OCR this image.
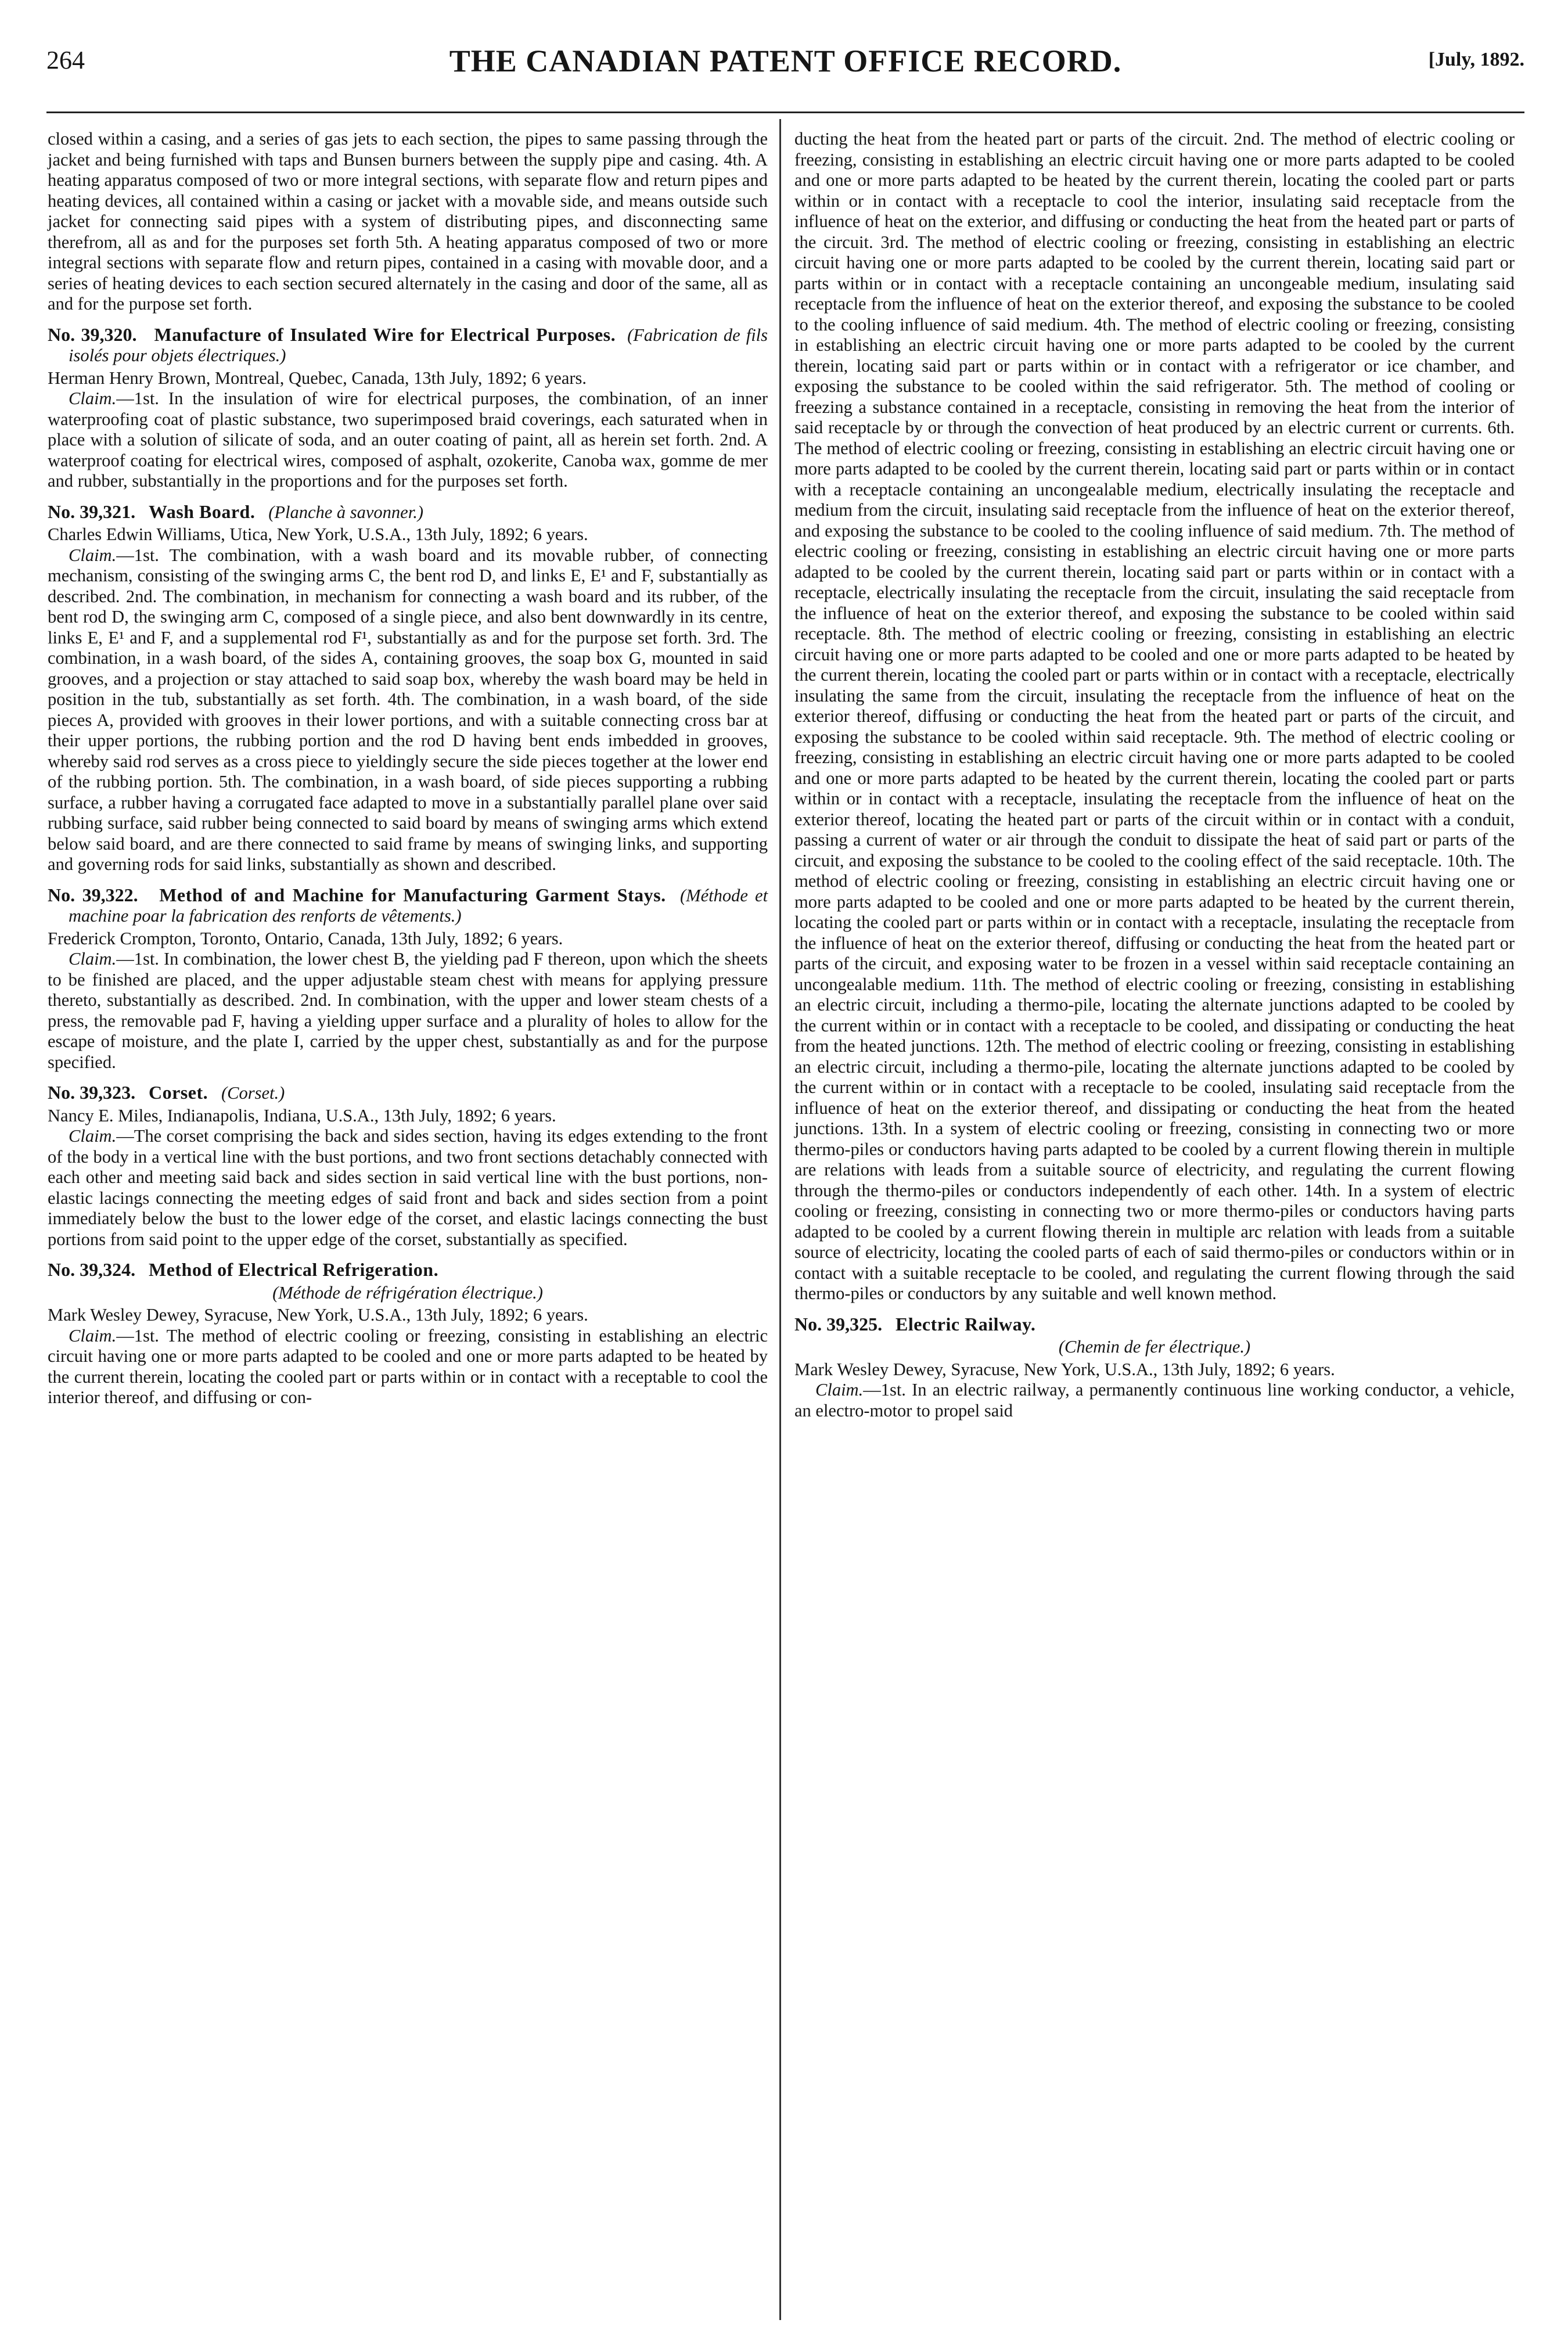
264	THE CANADIAN PATENT OFFICE RECORD.	[July, 1892.

closed within a casing, and a series of gas jets to each section, the pipes to same passing through the jacket and being furnished with taps and Bunsen burners between the supply pipe and casing. 4th. A heating apparatus composed of two or more integral sections, with separate flow and return pipes and heating devices, all contained within a casing or jacket with a movable side, and means outside such jacket for connecting said pipes with a system of distributing pipes, and disconnecting same therefrom, all as and for the purposes set forth 5th. A heating apparatus composed of two or more integral sections with separate flow and return pipes, contained in a casing with movable door, and a series of heating devices to each section secured alternately in the casing and door of the same, all as and for the purpose set forth.

No. 39,320. Manufacture of Insulated Wire for Electrical Purposes. (Fabrication de fils isolés pour objets électriques.)

Herman Henry Brown, Montreal, Quebec, Canada, 13th July, 1892; 6 years.

Claim.—1st. In the insulation of wire for electrical purposes, the combination, of an inner waterproofing coat of plastic substance, two superimposed braid coverings, each saturated when in place with a solution of silicate of soda, and an outer coating of paint, all as herein set forth. 2nd. A waterproof coating for electrical wires, composed of asphalt, ozokerite, Canoba wax, gomme de mer and rubber, substantially in the proportions and for the purposes set forth.

No. 39,321. Wash Board. (Planche à savonner.)

Charles Edwin Williams, Utica, New York, U.S.A., 13th July, 1892; 6 years.

Claim.—1st. The combination, with a wash board and its movable rubber, of connecting mechanism, consisting of the swinging arms C, the bent rod D, and links E, E¹ and F, substantially as described. 2nd. The combination, in mechanism for connecting a wash board and its rubber, of the bent rod D, the swinging arm C, composed of a single piece, and also bent downwardly in its centre, links E, E¹ and F, and a supplemental rod F¹, substantially as and for the purpose set forth. 3rd. The combination, in a wash board, of the sides A, containing grooves, the soap box G, mounted in said grooves, and a projection or stay attached to said soap box, whereby the wash board may be held in position in the tub, substantially as set forth. 4th. The combination, in a wash board, of the side pieces A, provided with grooves in their lower portions, and with a suitable connecting cross bar at their upper portions, the rubbing portion and the rod D having bent ends imbedded in grooves, whereby said rod serves as a cross piece to yieldingly secure the side pieces together at the lower end of the rubbing portion. 5th. The combination, in a wash board, of side pieces supporting a rubbing surface, a rubber having a corrugated face adapted to move in a substantially parallel plane over said rubbing surface, said rubber being connected to said board by means of swinging arms which extend below said board, and are there connected to said frame by means of swinging links, and supporting and governing rods for said links, substantially as shown and described.

No. 39,322. Method of and Machine for Manufacturing Garment Stays. (Méthode et machine poar la fabrication des renforts de vêtements.)

Frederick Crompton, Toronto, Ontario, Canada, 13th July, 1892; 6 years.

Claim.—1st. In combination, the lower chest B, the yielding pad F thereon, upon which the sheets to be finished are placed, and the upper adjustable steam chest with means for applying pressure thereto, substantially as described. 2nd. In combination, with the upper and lower steam chests of a press, the removable pad F, having a yielding upper surface and a plurality of holes to allow for the escape of moisture, and the plate I, carried by the upper chest, substantially as and for the purpose specified.

No. 39,323. Corset. (Corset.)

Nancy E. Miles, Indianapolis, Indiana, U.S.A., 13th July, 1892; 6 years.

Claim.—The corset comprising the back and sides section, having its edges extending to the front of the body in a vertical line with the bust portions, and two front sections detachably connected with each other and meeting said back and sides section in said vertical line with the bust portions, non-elastic lacings connecting the meeting edges of said front and back and sides section from a point immediately below the bust to the lower edge of the corset, and elastic lacings connecting the bust portions from said point to the upper edge of the corset, substantially as specified.

No. 39,324. Method of Electrical Refrigeration.

(Méthode de réfrigération électrique.)

Mark Wesley Dewey, Syracuse, New York, U.S.A., 13th July, 1892; 6 years.

Claim.—1st. The method of electric cooling or freezing, consisting in establishing an electric circuit having one or more parts adapted to be cooled and one or more parts adapted to be heated by the current therein, locating the cooled part or parts within or in contact with a receptable to cool the interior thereof, and diffusing or con-

ducting the heat from the heated part or parts of the circuit. 2nd. The method of electric cooling or freezing, consisting in establishing an electric circuit having one or more parts adapted to be cooled and one or more parts adapted to be heated by the current therein, locating the cooled part or parts within or in contact with a receptacle to cool the interior, insulating said receptacle from the influence of heat on the exterior, and diffusing or conducting the heat from the heated part or parts of the circuit. 3rd. The method of electric cooling or freezing, consisting in establishing an electric circuit having one or more parts adapted to be cooled by the current therein, locating said part or parts within or in contact with a receptacle containing an uncongeable medium, insulating said receptacle from the influence of heat on the exterior thereof, and exposing the substance to be cooled to the cooling influence of said medium. 4th. The method of electric cooling or freezing, consisting in establishing an electric circuit having one or more parts adapted to be cooled by the current therein, locating said part or parts within or in contact with a refrigerator or ice chamber, and exposing the substance to be cooled within the said refrigerator. 5th. The method of cooling or freezing a substance contained in a receptacle, consisting in removing the heat from the interior of said receptacle by or through the convection of heat produced by an electric current or currents. 6th. The method of electric cooling or freezing, consisting in establishing an electric circuit having one or more parts adapted to be cooled by the current therein, locating said part or parts within or in contact with a receptacle containing an uncongealable medium, electrically insulating the receptacle and medium from the circuit, insulating said receptacle from the influence of heat on the exterior thereof, and exposing the substance to be cooled to the cooling influence of said medium. 7th. The method of electric cooling or freezing, consisting in establishing an electric circuit having one or more parts adapted to be cooled by the current therein, locating said part or parts within or in contact with a receptacle, electrically insulating the receptacle from the circuit, insulating the said receptacle from the influence of heat on the exterior thereof, and exposing the substance to be cooled within said receptacle. 8th. The method of electric cooling or freezing, consisting in establishing an electric circuit having one or more parts adapted to be cooled and one or more parts adapted to be heated by the current therein, locating the cooled part or parts within or in contact with a receptacle, electrically insulating the same from the circuit, insulating the receptacle from the influence of heat on the exterior thereof, diffusing or conducting the heat from the heated part or parts of the circuit, and exposing the substance to be cooled within said receptacle. 9th. The method of electric cooling or freezing, consisting in establishing an electric circuit having one or more parts adapted to be cooled and one or more parts adapted to be heated by the current therein, locating the cooled part or parts within or in contact with a receptacle, insulating the receptacle from the influence of heat on the exterior thereof, locating the heated part or parts of the circuit within or in contact with a conduit, passing a current of water or air through the conduit to dissipate the heat of said part or parts of the circuit, and exposing the substance to be cooled to the cooling effect of the said receptacle. 10th. The method of electric cooling or freezing, consisting in establishing an electric circuit having one or more parts adapted to be cooled and one or more parts adapted to be heated by the current therein, locating the cooled part or parts within or in contact with a receptacle, insulating the receptacle from the influence of heat on the exterior thereof, diffusing or conducting the heat from the heated part or parts of the circuit, and exposing water to be frozen in a vessel within said receptacle containing an uncongealable medium. 11th. The method of electric cooling or freezing, consisting in establishing an electric circuit, including a thermo-pile, locating the alternate junctions adapted to be cooled by the current within or in contact with a receptacle to be cooled, and dissipating or conducting the heat from the heated junctions. 12th. The method of electric cooling or freezing, consisting in establishing an electric circuit, including a thermo-pile, locating the alternate junctions adapted to be cooled by the current within or in contact with a receptacle to be cooled, insulating said receptacle from the influence of heat on the exterior thereof, and dissipating or conducting the heat from the heated junctions. 13th. In a system of electric cooling or freezing, consisting in connecting two or more thermo-piles or conductors having parts adapted to be cooled by a current flowing therein in multiple are relations with leads from a suitable source of electricity, and regulating the current flowing through the thermo-piles or conductors independently of each other. 14th. In a system of electric cooling or freezing, consisting in connecting two or more thermo-piles or conductors having parts adapted to be cooled by a current flowing therein in multiple arc relation with leads from a suitable source of electricity, locating the cooled parts of each of said thermo-piles or conductors within or in contact with a suitable receptacle to be cooled, and regulating the current flowing through the said thermo-piles or conductors by any suitable and well known method.

No. 39,325. Electric Railway.

(Chemin de fer électrique.)

Mark Wesley Dewey, Syracuse, New York, U.S.A., 13th July, 1892; 6 years.

Claim.—1st. In an electric railway, a permanently continuous line working conductor, a vehicle, an electro-motor to propel said
